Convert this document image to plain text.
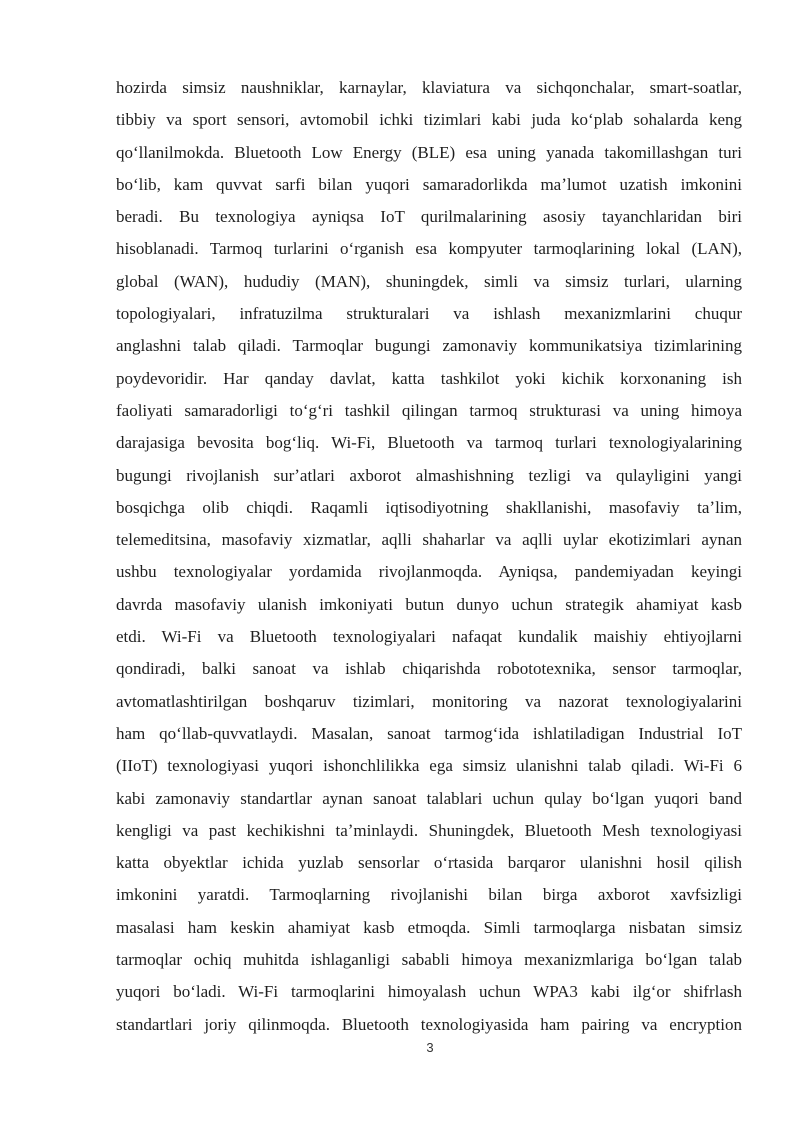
hozirda simsiz naushniklar, karnaylar, klaviatura va sichqonchalar, smart-soatlar,
tibbiy va sport sensori, avtomobil ichki tizimlari kabi juda koʻplab sohalarda keng
qoʻllanilmokda. Bluetooth Low Energy (BLE) esa uning yanada takomillashgan turi
boʻlib, kam quvvat sarfi bilan yuqori samaradorlikda maʼlumot uzatish imkonini
beradi. Bu texnologiya ayniqsa IoT qurilmalarining asosiy tayanchlaridan biri
hisoblanadi. Tarmoq turlarini oʻrganish esa kompyuter tarmoqlarining lokal (LAN),
global (WAN), hududiy (MAN), shuningdek, simli va simsiz turlari, ularning
topologiyalari, infratuzilma strukturalari va ishlash mexanizmlarini chuqur
anglashni talab qiladi. Tarmoqlar bugungi zamonaviy kommunikatsiya tizimlarining
poydevoridir. Har qanday davlat, katta tashkilot yoki kichik korxonaning ish
faoliyati samaradorligi toʻgʻri tashkil qilingan tarmoq strukturasi va uning himoya
darajasiga bevosita bogʻliq. Wi-Fi, Bluetooth va tarmoq turlari texnologiyalarining
bugungi rivojlanish surʼatlari axborot almashishning tezligi va qulayligini yangi
bosqichga olib chiqdi. Raqamli iqtisodiyotning shakllanishi, masofaviy taʼlim,
telemeditsina, masofaviy xizmatlar, aqlli shaharlar va aqlli uylar ekotizimlari aynan
ushbu texnologiyalar yordamida rivojlanmoqda. Ayniqsa, pandemiyadan keyingi
davrda masofaviy ulanish imkoniyati butun dunyo uchun strategik ahamiyat kasb
etdi. Wi-Fi va Bluetooth texnologiyalari nafaqat kundalik maishiy ehtiyojlarni
qondiradi, balki sanoat va ishlab chiqarishda robototexnika, sensor tarmoqlar,
avtomatlashtirilgan boshqaruv tizimlari, monitoring va nazorat texnologiyalarini
ham qoʻllab-quvvatlaydi. Masalan, sanoat tarmogʻida ishlatiladigan Industrial IoT
(IIoT) texnologiyasi yuqori ishonchlilikka ega simsiz ulanishni talab qiladi. Wi-Fi 6
kabi zamonaviy standartlar aynan sanoat talablari uchun qulay boʻlgan yuqori band
kengligi va past kechikishni taʼminlaydi. Shuningdek, Bluetooth Mesh texnologiyasi
katta obyektlar ichida yuzlab sensorlar oʻrtasida barqaror ulanishni hosil qilish
imkonini yaratdi. Tarmoqlarning rivojlanishi bilan birga axborot xavfsizligi
masalasi ham keskin ahamiyat kasb etmoqda. Simli tarmoqlarga nisbatan simsiz
tarmoqlar ochiq muhitda ishlaganligi sababli himoya mexanizmlariga boʻlgan talab
yuqori boʻladi. Wi-Fi tarmoqlarini himoyalash uchun WPA3 kabi ilgʻor shifrlash
standartlari joriy qilinmoqda. Bluetooth texnologiyasida ham pairing va encryption
3
